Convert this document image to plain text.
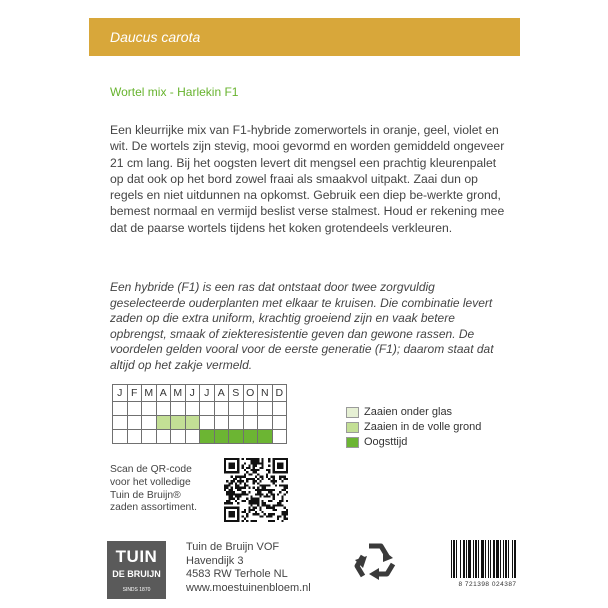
Daucus carota
Wortel mix - Harlekin F1

Een kleurrijke mix van F1-hybride zomerwortels in oranje, geel, violet en wit. De wortels zijn stevig, mooi gevormd en worden gemiddeld ongeveer 21 cm lang. Bij het oogsten levert dit mengsel een prachtig kleurenpalet op dat ook op het bord zowel fraai als smaakvol uitpakt. Zaai dun op regels en niet uitdunnen na opkomst. Gebruik een diep be-werkte grond, bemest normaal en vermijd beslist verse stalmest. Houd er rekening mee dat de paarse wortels tijdens het koken grotendeels verkleuren.

Een hybride (F1) is een ras dat ontstaat door twee zorgvuldig geselecteerde ouderplanten met elkaar te kruisen. Die combinatie levert zaden op die extra uniform, krachtig groeiend zijn en vaak betere opbrengst, smaak of ziekteresistentie geven dan gewone rassen. De voordelen gelden vooral voor de eerste generatie (F1); daarom staat dat altijd op het zakje vermeld.

J	F	M	A	M	J	J	A	S	O	N	D

Zaaien onder glas
Zaaien in de volle grond
Oogsttijd
Scan de QR-code
voor het volledige
Tuin de Bruijn®
zaden assortiment.
TUIN
DE BRUIJN
SINDS 1870
Tuin de Bruijn VOF
Havendijk 3
4583 RW Terhole NL
www.moestuinenbloem.nl	8 721398 024387
